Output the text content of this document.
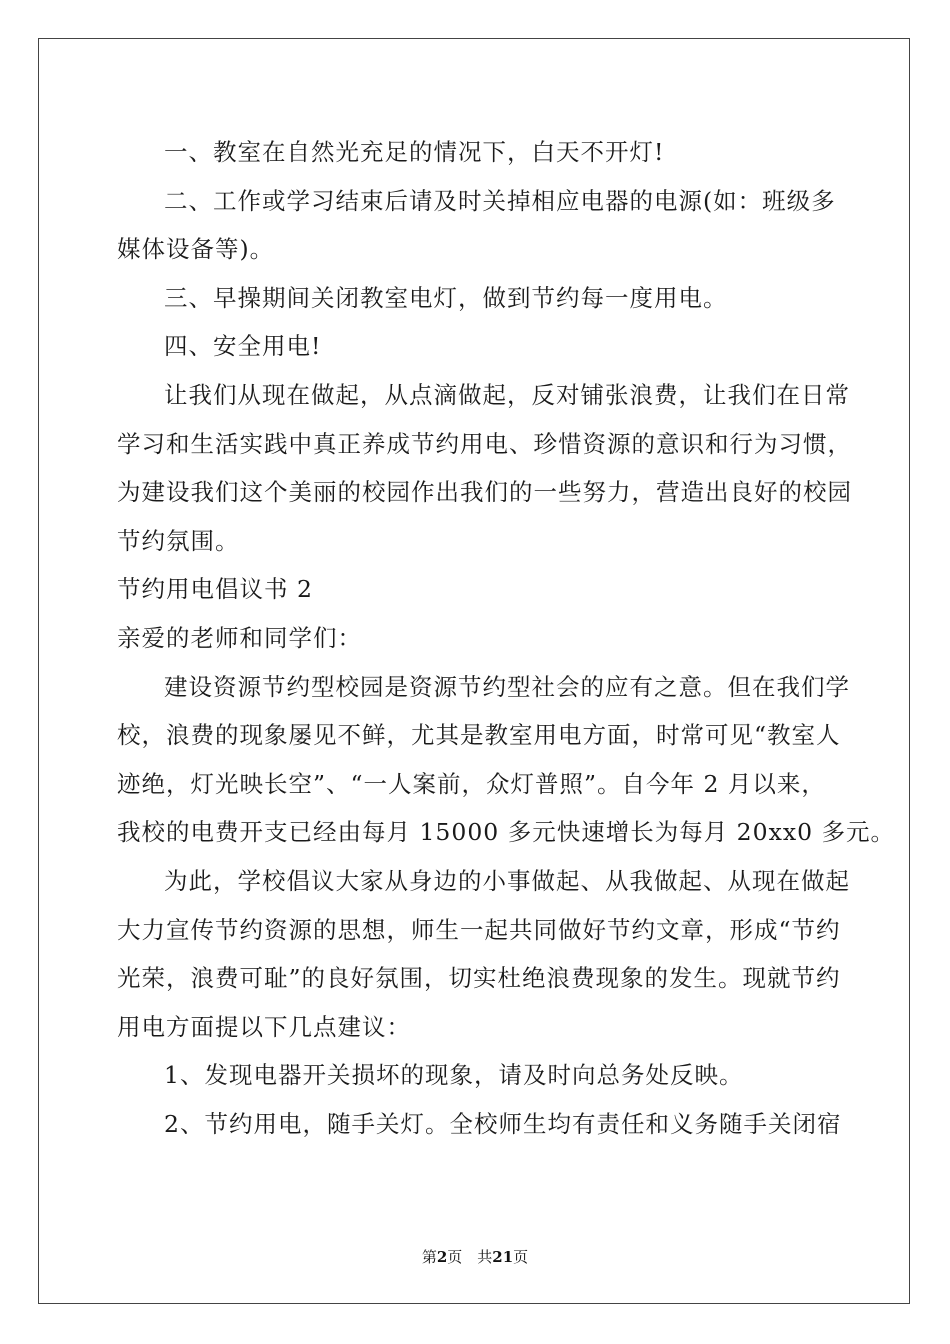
一、教室在自然光充足的情况下，白天不开灯!
二、工作或学习结束后请及时关掉相应电器的电源(如：班级多
媒体设备等)。
三、早操期间关闭教室电灯，做到节约每一度用电。
四、安全用电!
让我们从现在做起，从点滴做起，反对铺张浪费，让我们在日常
学习和生活实践中真正养成节约用电、珍惜资源的意识和行为习惯，
为建设我们这个美丽的校园作出我们的一些努力，营造出良好的校园
节约氛围。
节约用电倡议书 2
亲爱的老师和同学们：
建设资源节约型校园是资源节约型社会的应有之意。但在我们学
校，浪费的现象屡见不鲜，尤其是教室用电方面，时常可见“教室人
迹绝，灯光映长空”、“一人案前，众灯普照”。自今年 2 月以来，
我校的电费开支已经由每月 15000 多元快速增长为每月 20xx0 多元。
为此，学校倡议大家从身边的小事做起、从我做起、从现在做起
大力宣传节约资源的思想，师生一起共同做好节约文章，形成“节约
光荣，浪费可耻”的良好氛围，切实杜绝浪费现象的发生。现就节约
用电方面提以下几点建议：
1、发现电器开关损坏的现象，请及时向总务处反映。
2、节约用电，随手关灯。全校师生均有责任和义务随手关闭宿
第2页　共21页
